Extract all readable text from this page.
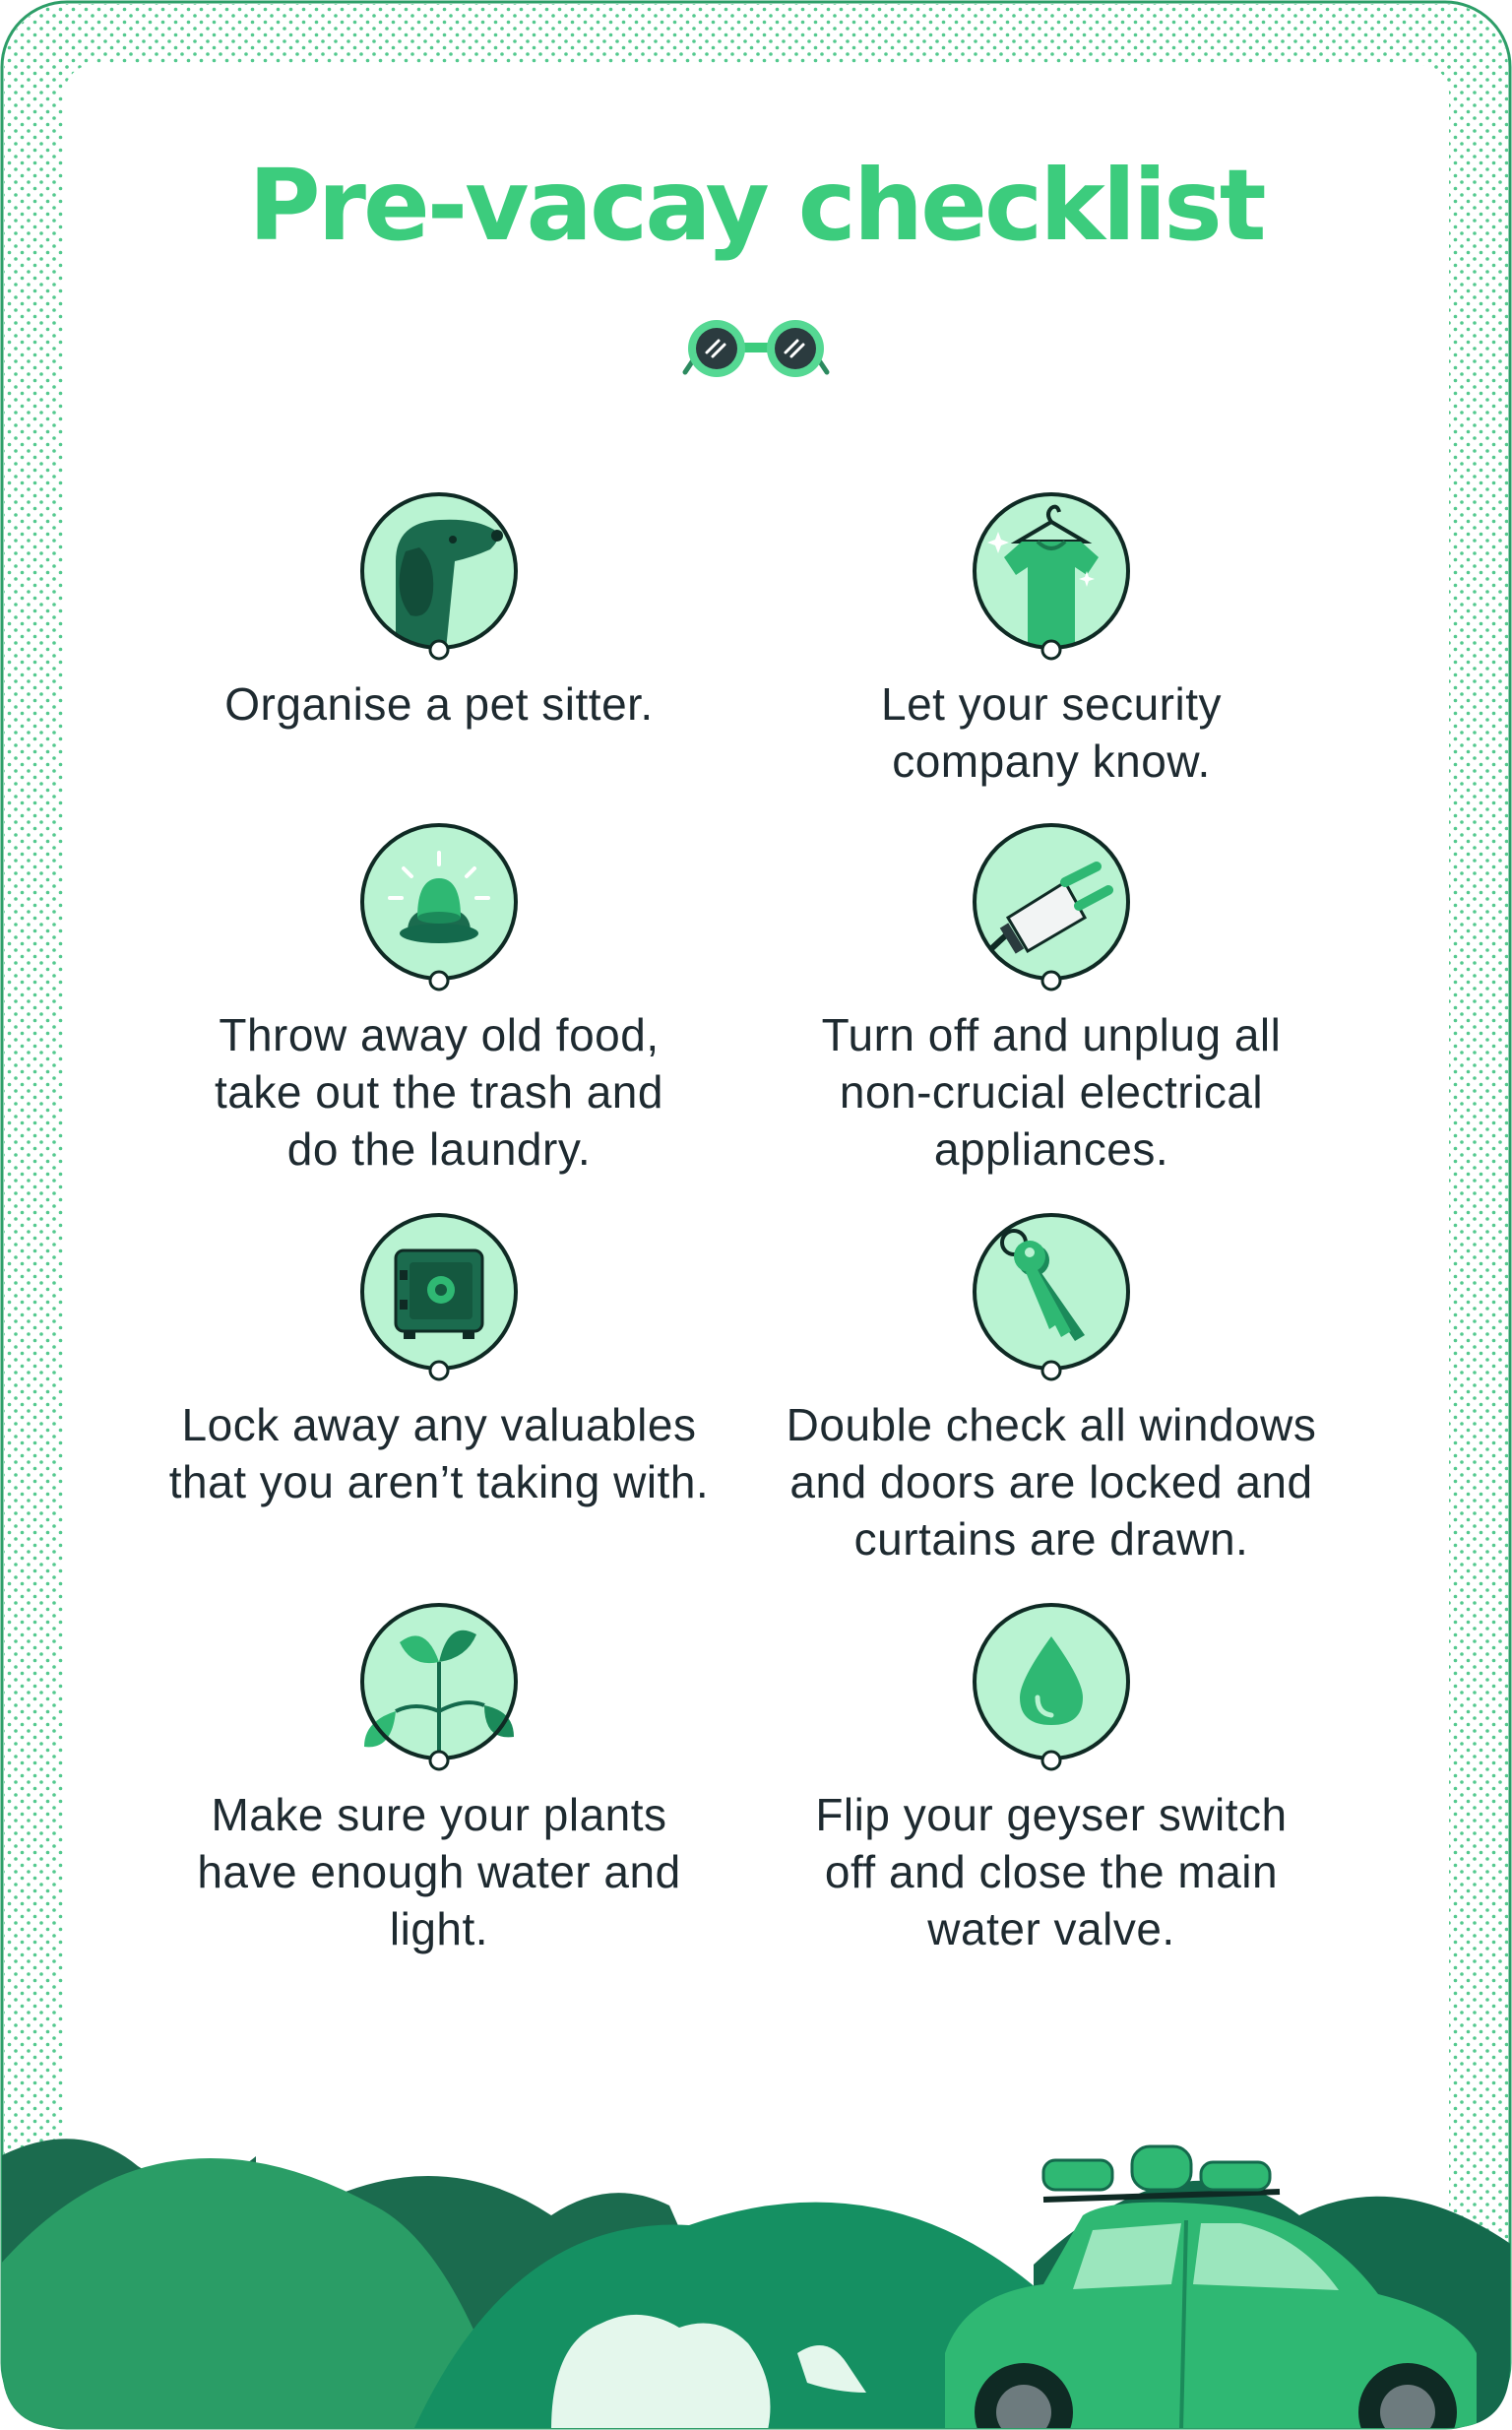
Pre-vacay checklist
Organise a pet sitter.	Let your security company know.
Throw away old food, take out the trash and do the laundry.
Turn off and unplug all non-crucial electrical appliances.
Lock away any valuables that you aren’t taking with.
Double check all windows and doors are locked and curtains are drawn.
Make sure your plants have enough water and light.
Flip your geyser switch off and close the main water valve.
